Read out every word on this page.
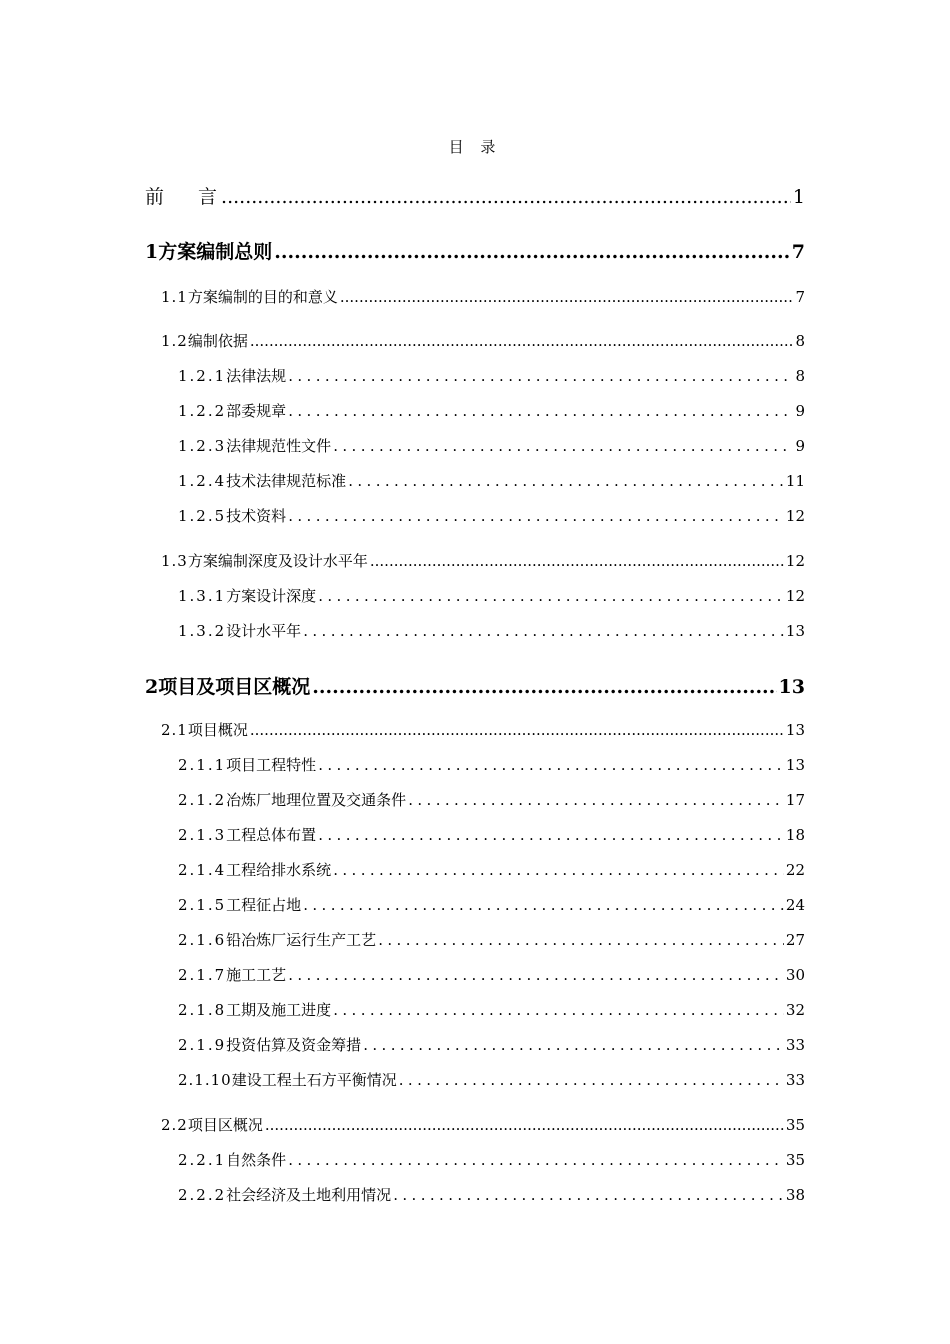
目 录
前 言 .....	1
1 方案编制总则 .....	7
1.1 方案编制的目的和意义 .....	7
1.2 编制依据 .....	8
1.2.1 法律法规 .....	8
1.2.2 部委规章 .....	9
1.2.3 法律规范性文件 .....	9
1.2.4 技术法律规范标准 .....	11
1.2.5 技术资料 .....	12
1.3 方案编制深度及设计水平年 .....	12
1.3.1 方案设计深度 .....	12
1.3.2 设计水平年 .....	13
2 项目及项目区概况 .....	13
2.1 项目概况 .....	13
2.1.1 项目工程特性 .....	13
2.1.2 冶炼厂地理位置及交通条件 .....	17
2.1.3 工程总体布置 .....	18
2.1.4 工程给排水系统 .....	22
2.1.5 工程征占地 .....	24
2.1.6 铅冶炼厂运行生产工艺 .....	27
2.1.7 施工工艺 .....	30
2.1.8 工期及施工进度 .....	32
2.1.9 投资估算及资金筹措 .....	33
2.1.10 建设工程土石方平衡情况 .....	33
2.2 项目区概况 .....	35
2.2.1 自然条件 .....	35
2.2.2 社会经济及土地利用情况 .....	38
